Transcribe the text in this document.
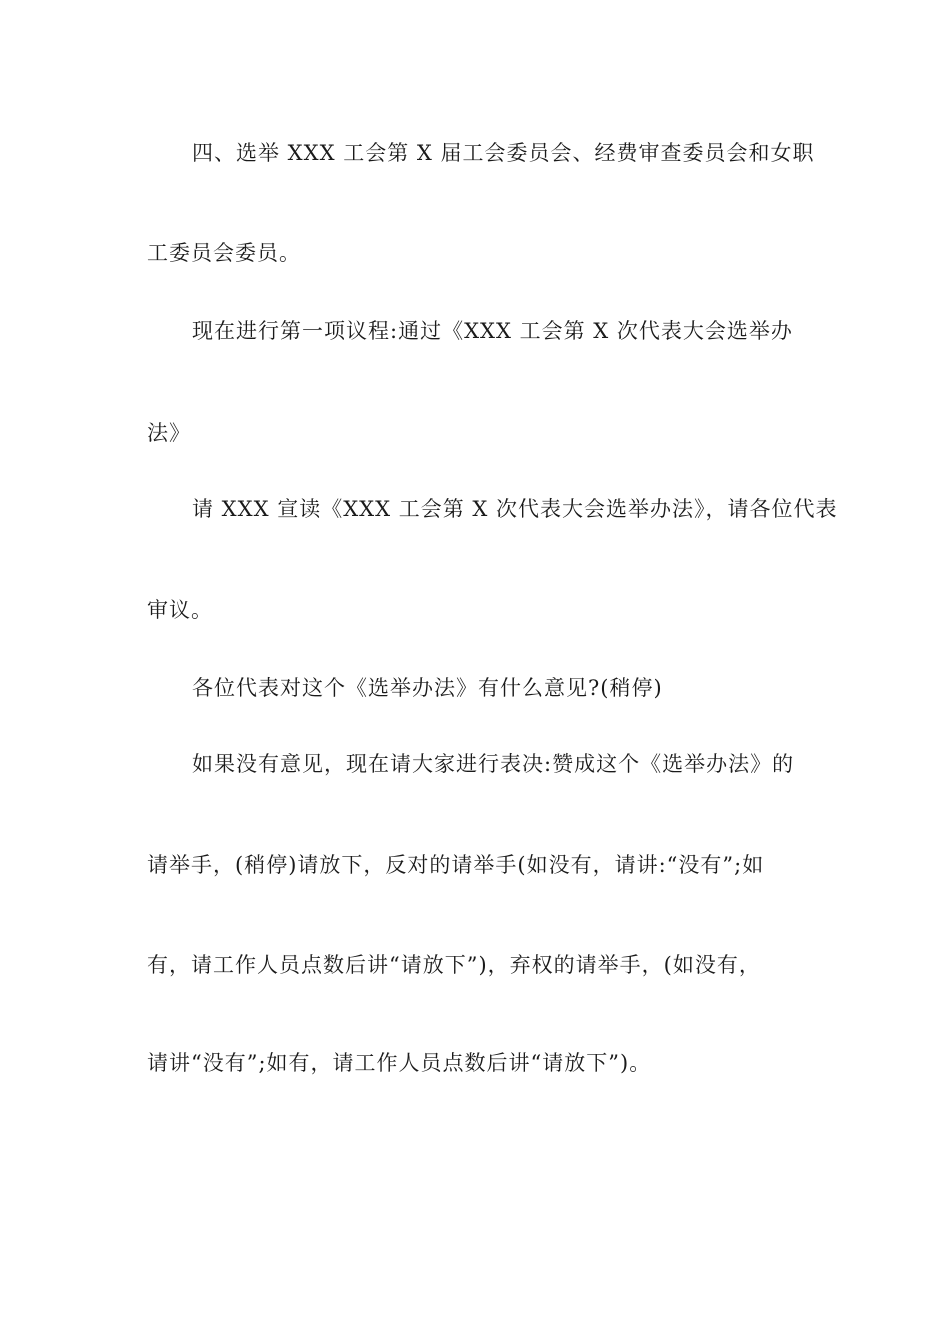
四、选举 XXX 工会第 X 届工会委员会、经费审查委员会和女职
工委员会委员。
现在进行第一项议程:通过《XXX 工会第 X 次代表大会选举办
法》
请 XXX 宣读《XXX 工会第 X 次代表大会选举办法》，请各位代表
审议。
各位代表对这个《选举办法》有什么意见?(稍停)
如果没有意见，现在请大家进行表决:赞成这个《选举办法》的
请举手，(稍停)请放下，反对的请举手(如没有，请讲:“没有”;如
有，请工作人员点数后讲“请放下”)，弃权的请举手，(如没有，
请讲“没有”;如有，请工作人员点数后讲“请放下”)。
